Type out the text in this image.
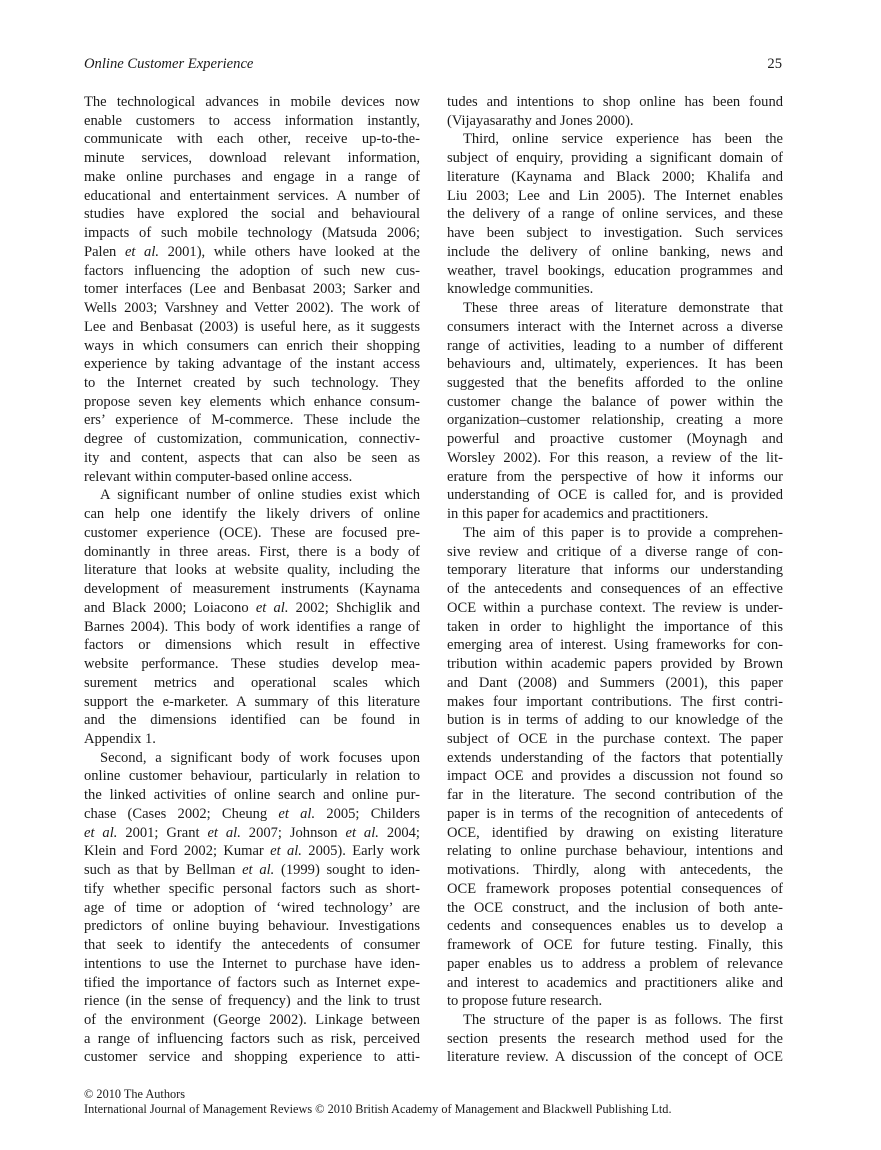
Online Customer Experience	25

The technological advances in mobile devices now
enable customers to access information instantly,
communicate with each other, receive up-to-the-
minute services, download relevant information,
make online purchases and engage in a range of
educational and entertainment services. A number of
studies have explored the social and behavioural
impacts of such mobile technology (Matsuda 2006;
Palen et al. 2001), while others have looked at the
factors influencing the adoption of such new cus-
tomer interfaces (Lee and Benbasat 2003; Sarker and
Wells 2003; Varshney and Vetter 2002). The work of
Lee and Benbasat (2003) is useful here, as it suggests
ways in which consumers can enrich their shopping
experience by taking advantage of the instant access
to the Internet created by such technology. They
propose seven key elements which enhance consum-
ers’ experience of M-commerce. These include the
degree of customization, communication, connectiv-
ity and content, aspects that can also be seen as
relevant within computer-based online access.

A significant number of online studies exist which
can help one identify the likely drivers of online
customer experience (OCE). These are focused pre-
dominantly in three areas. First, there is a body of
literature that looks at website quality, including the
development of measurement instruments (Kaynama
and Black 2000; Loiacono et al. 2002; Shchiglik and
Barnes 2004). This body of work identifies a range of
factors or dimensions which result in effective
website performance. These studies develop mea-
surement metrics and operational scales which
support the e-marketer. A summary of this literature
and the dimensions identified can be found in
Appendix 1.

Second, a significant body of work focuses upon
online customer behaviour, particularly in relation to
the linked activities of online search and online pur-
chase (Cases 2002; Cheung et al. 2005; Childers
et al. 2001; Grant et al. 2007; Johnson et al. 2004;
Klein and Ford 2002; Kumar et al. 2005). Early work
such as that by Bellman et al. (1999) sought to iden-
tify whether specific personal factors such as short-
age of time or adoption of ‘wired technology’ are
predictors of online buying behaviour. Investigations
that seek to identify the antecedents of consumer
intentions to use the Internet to purchase have iden-
tified the importance of factors such as Internet expe-
rience (in the sense of frequency) and the link to trust
of the environment (George 2002). Linkage between
a range of influencing factors such as risk, perceived
customer service and shopping experience to atti-

tudes and intentions to shop online has been found
(Vijayasarathy and Jones 2000).

Third, online service experience has been the
subject of enquiry, providing a significant domain of
literature (Kaynama and Black 2000; Khalifa and
Liu 2003; Lee and Lin 2005). The Internet enables
the delivery of a range of online services, and these
have been subject to investigation. Such services
include the delivery of online banking, news and
weather, travel bookings, education programmes and
knowledge communities.

These three areas of literature demonstrate that
consumers interact with the Internet across a diverse
range of activities, leading to a number of different
behaviours and, ultimately, experiences. It has been
suggested that the benefits afforded to the online
customer change the balance of power within the
organization–customer relationship, creating a more
powerful and proactive customer (Moynagh and
Worsley 2002). For this reason, a review of the lit-
erature from the perspective of how it informs our
understanding of OCE is called for, and is provided
in this paper for academics and practitioners.

The aim of this paper is to provide a comprehen-
sive review and critique of a diverse range of con-
temporary literature that informs our understanding
of the antecedents and consequences of an effective
OCE within a purchase context. The review is under-
taken in order to highlight the importance of this
emerging area of interest. Using frameworks for con-
tribution within academic papers provided by Brown
and Dant (2008) and Summers (2001), this paper
makes four important contributions. The first contri-
bution is in terms of adding to our knowledge of the
subject of OCE in the purchase context. The paper
extends understanding of the factors that potentially
impact OCE and provides a discussion not found so
far in the literature. The second contribution of the
paper is in terms of the recognition of antecedents of
OCE, identified by drawing on existing literature
relating to online purchase behaviour, intentions and
motivations. Thirdly, along with antecedents, the
OCE framework proposes potential consequences of
the OCE construct, and the inclusion of both ante-
cedents and consequences enables us to develop a
framework of OCE for future testing. Finally, this
paper enables us to address a problem of relevance
and interest to academics and practitioners alike and
to propose future research.

The structure of the paper is as follows. The first
section presents the research method used for the
literature review. A discussion of the concept of OCE

© 2010 The Authors
International Journal of Management Reviews © 2010 British Academy of Management and Blackwell Publishing Ltd.
